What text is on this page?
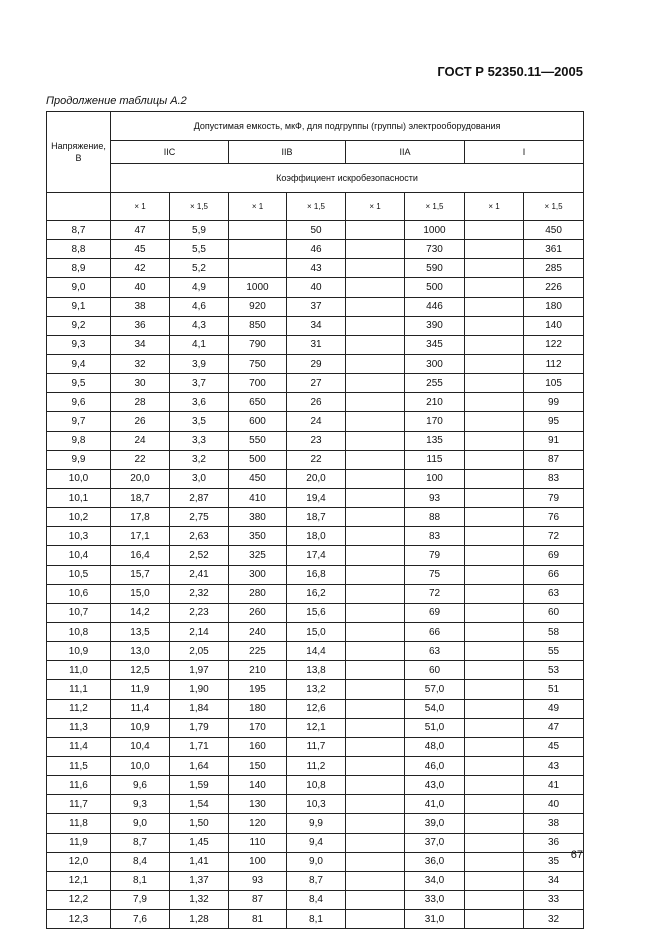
ГОСТ Р 52350.11—2005
Продолжение таблицы А.2
Напряжение, В	Допустимая емкость, мкФ, для подгруппы (группы) электрооборудования							
	IIC		IIB		IIA		I	
	Коэффициент искробезопасности							
	× 1	× 1,5	× 1	× 1,5	× 1	× 1,5	× 1	× 1,5
8,7	47	5,9		50		1000		450
8,8	45	5,5		46		730		361
8,9	42	5,2		43		590		285
9,0	40	4,9	1000	40		500		226
9,1	38	4,6	920	37		446		180
9,2	36	4,3	850	34		390		140
9,3	34	4,1	790	31		345		122
9,4	32	3,9	750	29		300		112
9,5	30	3,7	700	27		255		105
9,6	28	3,6	650	26		210		99
9,7	26	3,5	600	24		170		95
9,8	24	3,3	550	23		135		91
9,9	22	3,2	500	22		115		87
10,0	20,0	3,0	450	20,0		100		83
10,1	18,7	2,87	410	19,4		93		79
10,2	17,8	2,75	380	18,7		88		76
10,3	17,1	2,63	350	18,0		83		72
10,4	16,4	2,52	325	17,4		79		69
10,5	15,7	2,41	300	16,8		75		66
10,6	15,0	2,32	280	16,2		72		63
10,7	14,2	2,23	260	15,6		69		60
10,8	13,5	2,14	240	15,0		66		58
10,9	13,0	2,05	225	14,4		63		55
11,0	12,5	1,97	210	13,8		60		53
11,1	11,9	1,90	195	13,2		57,0		51
11,2	11,4	1,84	180	12,6		54,0		49
11,3	10,9	1,79	170	12,1		51,0		47
11,4	10,4	1,71	160	11,7		48,0		45
11,5	10,0	1,64	150	11,2		46,0		43
11,6	9,6	1,59	140	10,8		43,0		41
11,7	9,3	1,54	130	10,3		41,0		40
11,8	9,0	1,50	120	9,9		39,0		38
11,9	8,7	1,45	110	9,4		37,0		36
12,0	8,4	1,41	100	9,0		36,0		35
12,1	8,1	1,37	93	8,7		34,0		34
12,2	7,9	1,32	87	8,4		33,0		33
12,3	7,6	1,28	81	8,1		31,0		32
67
